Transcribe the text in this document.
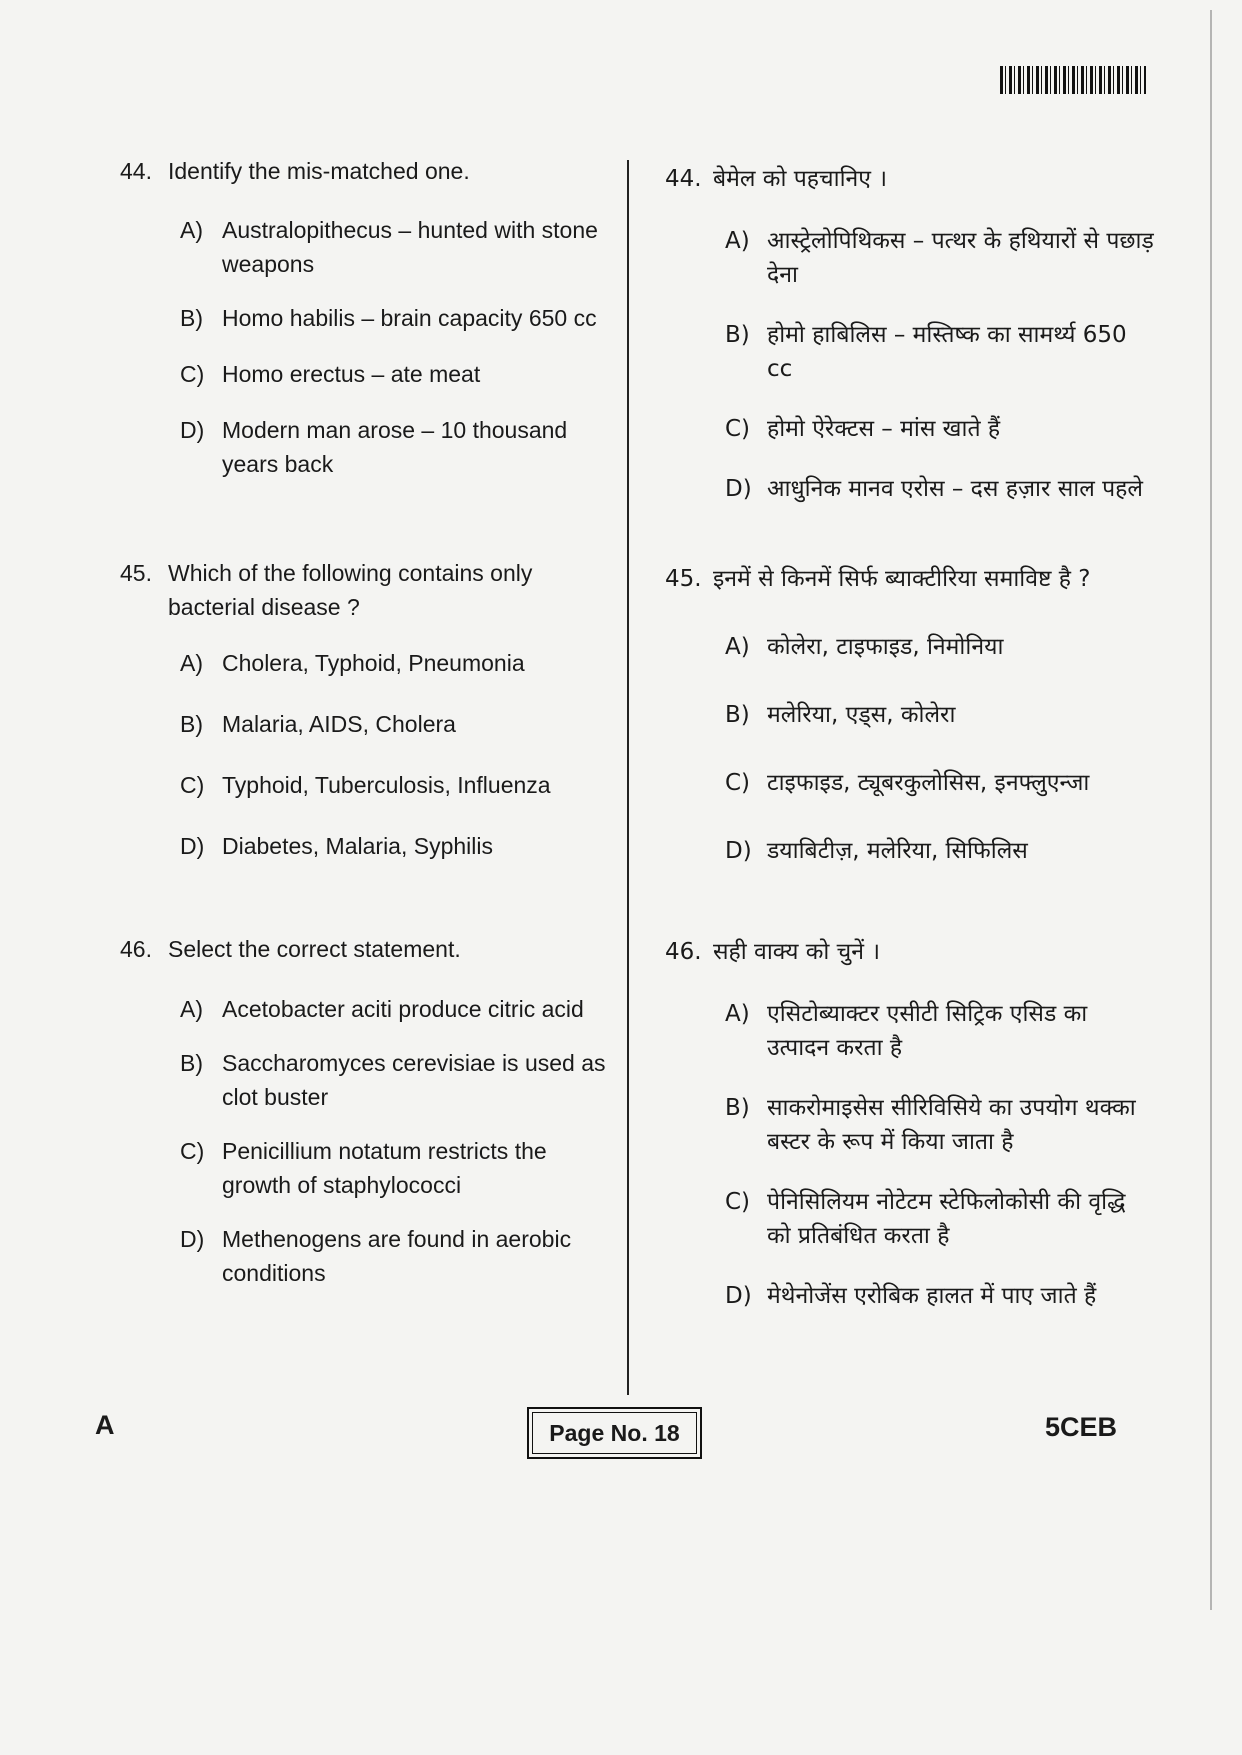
44. Identify the mis-matched one.
A) Australopithecus – hunted with stone weapons
B) Homo habilis – brain capacity 650 cc
C) Homo erectus – ate meat
D) Modern man arose – 10 thousand years back
45. Which of the following contains only bacterial disease ?
A) Cholera, Typhoid, Pneumonia
B) Malaria, AIDS, Cholera
C) Typhoid, Tuberculosis, Influenza
D) Diabetes, Malaria, Syphilis
46. Select the correct statement.
A) Acetobacter aciti produce citric acid
B) Saccharomyces cerevisiae is used as clot buster
C) Penicillium notatum restricts the growth of staphylococci
D) Methenogens are found in aerobic conditions
44. बेमेल को पहचानिए ।
A) आस्ट्रेलोपिथिकस – पत्थर के हथियारों से पछाड़ देना
B) होमो हाबिलिस – मस्तिष्क का सामर्थ्य 650 cc
C) होमो ऐरेक्टस – मांस खाते हैं
D) आधुनिक मानव एरोस – दस हज़ार साल पहले
45. इनमें से किनमें सिर्फ ब्याक्टीरिया समाविष्ट है ?
A) कोलेरा, टाइफाइड, निमोनिया
B) मलेरिया, एड्स, कोलेरा
C) टाइफाइड, ट्यूबरकुलोसिस, इनफ्लुएन्जा
D) डयाबिटीज़, मलेरिया, सिफिलिस
46. सही वाक्य को चुनें ।
A) एसिटोब्याक्टर एसीटी सिट्रिक एसिड का उत्पादन करता है
B) साकरोमाइसेस सीरिविसिये का उपयोग थक्का बस्टर के रूप में किया जाता है
C) पेनिसिलियम नोटेटम स्टेफिलोकोसी की वृद्धि को प्रतिबंधित करता है
D) मेथेनोजेंस एरोबिक हालत में पाए जाते हैं
A	Page No. 18	5CEB
